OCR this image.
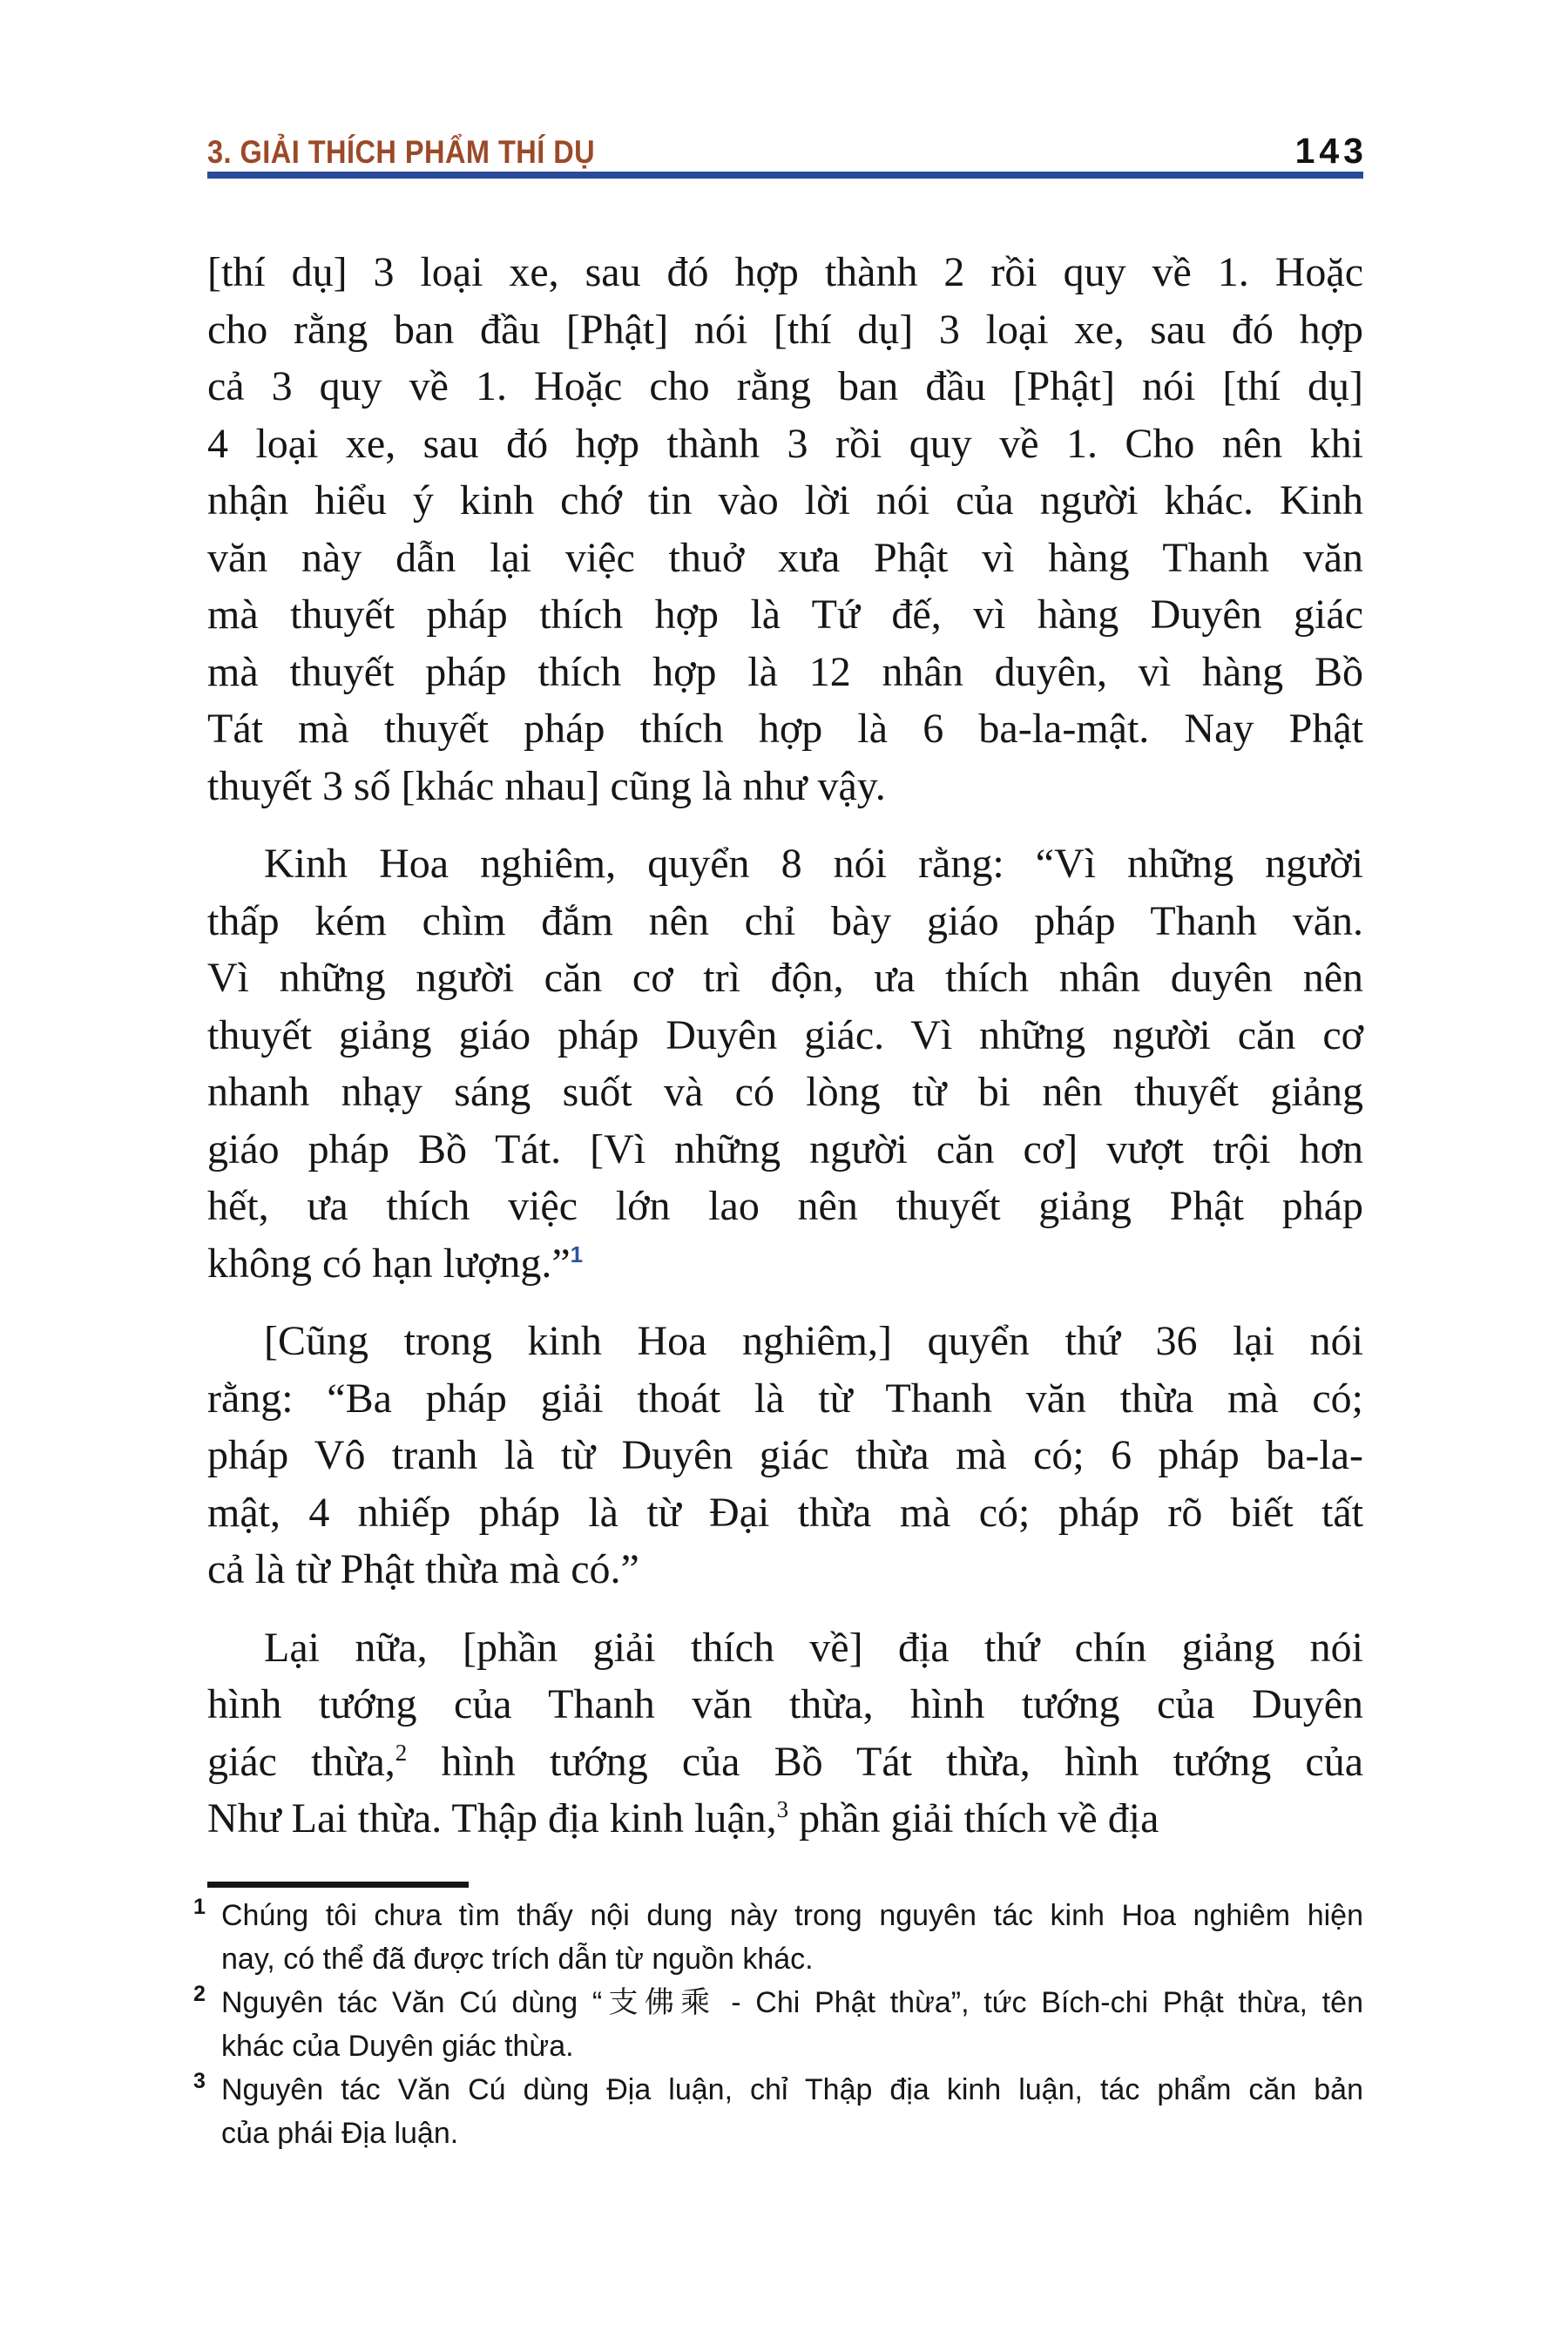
3. GIẢI THÍCH PHẨM THÍ DỤ	143
[thí dụ] 3 loại xe, sau đó hợp thành 2 rồi quy về 1. Hoặc
cho rằng ban đầu [Phật] nói [thí dụ] 3 loại xe, sau đó hợp
cả 3 quy về 1. Hoặc cho rằng ban đầu [Phật] nói [thí dụ]
4 loại xe, sau đó hợp thành 3 rồi quy về 1. Cho nên khi
nhận hiểu ý kinh chớ tin vào lời nói của người khác. Kinh
văn này dẫn lại việc thuở xưa Phật vì hàng Thanh văn
mà thuyết pháp thích hợp là Tứ đế, vì hàng Duyên giác
mà thuyết pháp thích hợp là 12 nhân duyên, vì hàng Bồ
Tát mà thuyết pháp thích hợp là 6 ba-la-mật. Nay Phật
thuyết 3 số [khác nhau] cũng là như vậy.
Kinh Hoa nghiêm, quyển 8 nói rằng: “Vì những người
thấp kém chìm đắm nên chỉ bày giáo pháp Thanh văn.
Vì những người căn cơ trì độn, ưa thích nhân duyên nên
thuyết giảng giáo pháp Duyên giác. Vì những người căn cơ
nhanh nhạy sáng suốt và có lòng từ bi nên thuyết giảng
giáo pháp Bồ Tát. [Vì những người căn cơ] vượt trội hơn
hết, ưa thích việc lớn lao nên thuyết giảng Phật pháp
không có hạn lượng.”$^1$
[Cũng trong kinh Hoa nghiêm,] quyển thứ 36 lại nói
rằng: “Ba pháp giải thoát là từ Thanh văn thừa mà có;
pháp Vô tranh là từ Duyên giác thừa mà có; 6 pháp ba-la-
mật, 4 nhiếp pháp là từ Đại thừa mà có; pháp rõ biết tất
cả là từ Phật thừa mà có.”
Lại nữa, [phần giải thích về] địa thứ chín giảng nói
hình tướng của Thanh văn thừa, hình tướng của Duyên
giác thừa,$^2$ hình tướng của Bồ Tát thừa, hình tướng của
Như Lai thừa. Thập địa kinh luận,$^3$ phần giải thích về địa
1 Chúng tôi chưa tìm thấy nội dung này trong nguyên tác kinh Hoa nghiêm hiện
nay, có thể đã được trích dẫn từ nguồn khác.
2 Nguyên tác Văn Cú dùng “支佛乘 - Chi Phật thừa”, tức Bích-chi Phật thừa, tên
khác của Duyên giác thừa.
3 Nguyên tác Văn Cú dùng Địa luận, chỉ Thập địa kinh luận, tác phẩm căn bản
của phái Địa luận.
